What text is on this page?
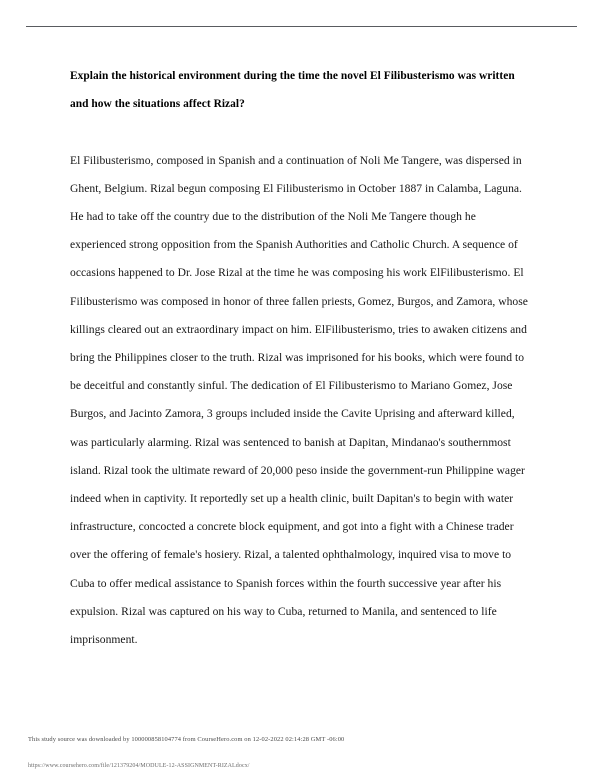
Explain the historical environment during the time the novel El Filibusterismo was written and how the situations affect Rizal?

El Filibusterismo, composed in Spanish and a continuation of Noli Me Tangere, was dispersed in Ghent, Belgium. Rizal begun composing El Filibusterismo in October 1887 in Calamba, Laguna. He had to take off the country due to the distribution of the Noli Me Tangere though he experienced strong opposition from the Spanish Authorities and Catholic Church. A sequence of occasions happened to Dr. Jose Rizal at the time he was composing his work ElFilibusterismo. El Filibusterismo was composed in honor of three fallen priests, Gomez, Burgos, and Zamora, whose killings cleared out an extraordinary impact on him. ElFilibusterismo, tries to awaken citizens and bring the Philippines closer to the truth. Rizal was imprisoned for his books, which were found to be deceitful and constantly sinful. The dedication of El Filibusterismo to Mariano Gomez, Jose Burgos, and Jacinto Zamora, 3 groups included inside the Cavite Uprising and afterward killed, was particularly alarming. Rizal was sentenced to banish at Dapitan, Mindanao's southernmost island. Rizal took the ultimate reward of 20,000 peso inside the government-run Philippine wager indeed when in captivity. It reportedly set up a health clinic, built Dapitan's to begin with water infrastructure, concocted a concrete block equipment, and got into a fight with a Chinese trader over the offering of female's hosiery. Rizal, a talented ophthalmology, inquired visa to move to Cuba to offer medical assistance to Spanish forces within the fourth successive year after his expulsion. Rizal was captured on his way to Cuba, returned to Manila, and sentenced to life imprisonment.

This study source was downloaded by 100000858104774 from CourseHero.com on 12-02-2022 02:14:28 GMT -06:00
https://www.coursehero.com/file/121379204/MODULE-12-ASSIGNMENT-RIZALdocx/
